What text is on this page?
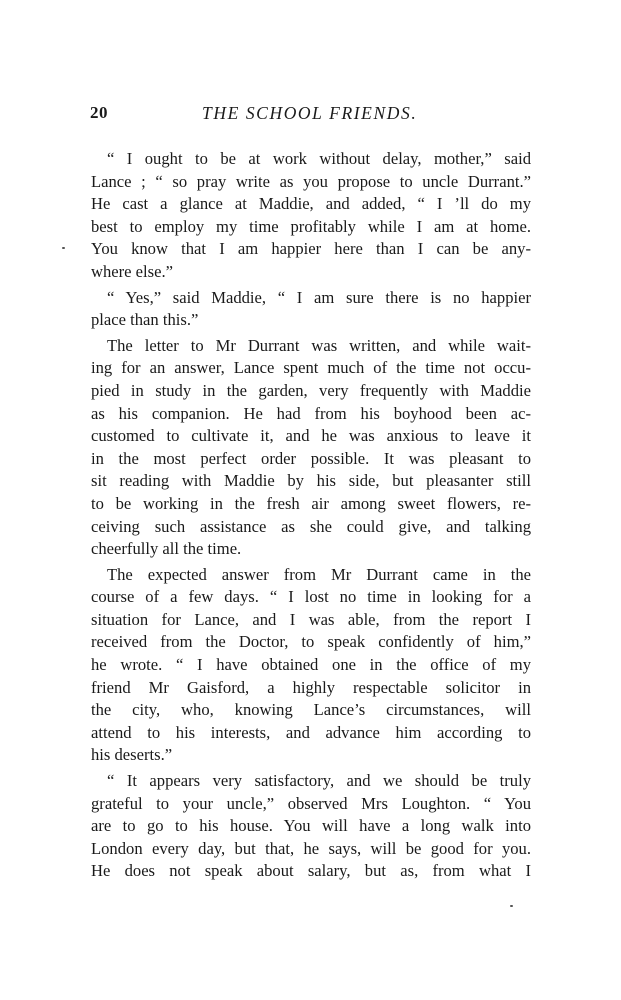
20	THE SCHOOL FRIENDS.
“ I ought to be at work without delay, mother,” said
Lance ; “ so pray write as you propose to uncle Durrant.”
He cast a glance at Maddie, and added, “ I ’ll do my
best to employ my time profitably while I am at home.
You know that I am happier here than I can be any-
where else.”
“ Yes,” said Maddie, “ I am sure there is no happier
place than this.”
The letter to Mr Durrant was written, and while wait-
ing for an answer, Lance spent much of the time not occu-
pied in study in the garden, very frequently with Maddie
as his companion. He had from his boyhood been ac-
customed to cultivate it, and he was anxious to leave it
in the most perfect order possible. It was pleasant to
sit reading with Maddie by his side, but pleasanter still
to be working in the fresh air among sweet flowers, re-
ceiving such assistance as she could give, and talking
cheerfully all the time.
The expected answer from Mr Durrant came in the
course of a few days. “ I lost no time in looking for a
situation for Lance, and I was able, from the report I
received from the Doctor, to speak confidently of him,”
he wrote. “ I have obtained one in the office of my
friend Mr Gaisford, a highly respectable solicitor in
the city, who, knowing Lance’s circumstances, will
attend to his interests, and advance him according to
his deserts.”
“ It appears very satisfactory, and we should be truly
grateful to your uncle,” observed Mrs Loughton. “ You
are to go to his house. You will have a long walk into
London every day, but that, he says, will be good for you.
He does not speak about salary, but as, from what I
